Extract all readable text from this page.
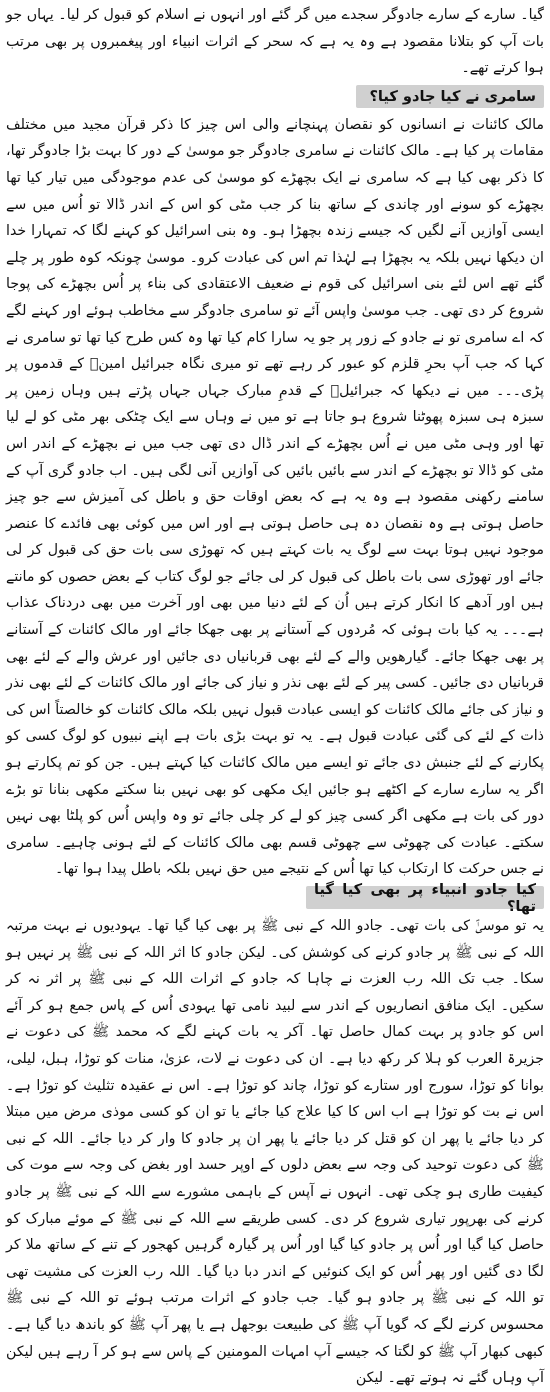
گیا۔ سارے کے سارے جادوگر سجدے میں گر گئے اور انہوں نے اسلام کو قبول کر لیا۔ یہاں جو بات آپ کو بتلانا مقصود ہے وہ یہ ہے کہ سحر کے اثرات انبیاء اور پیغمبروں پر بھی مرتب ہوا کرتے تھے۔

سامری نے کیا جادو کیا؟

مالک کائنات نے انسانوں کو نقصان پہنچانے والی اس چیز کا ذکر قرآن مجید میں مختلف مقامات پر کیا ہے۔ مالک کائنات نے سامری جادوگر جو موسیٰ کے دور کا بہت بڑا جادوگر تھا، کا ذکر بھی کیا ہے کہ سامری نے ایک بچھڑے کو موسیٰ کی عدم موجودگی میں تیار کیا تھا بچھڑے کو سونے اور چاندی کے ساتھ بنا کر جب مٹی کو اس کے اندر ڈالا تو اُس میں سے ایسی آوازیں آنے لگیں کہ جیسے زندہ بچھڑا ہو۔ وہ بنی اسرائیل کو کہنے لگا کہ تمہارا خدا ان دیکھا نہیں بلکہ یہ بچھڑا ہے لہٰذا تم اس کی عبادت کرو۔ موسیٰ چونکہ کوہ طور پر چلے گئے تھے اس لئے بنی اسرائیل کی قوم نے ضعیف الاعتقادی کی بناء پر اُس بچھڑے کی پوجا شروع کر دی تھی۔ جب موسیٰ واپس آئے تو سامری جادوگر سے مخاطب ہوئے اور کہنے لگے کہ اے سامری تو نے جادو کے زور پر جو یہ سارا کام کیا تھا وہ کس طرح کیا تھا تو سامری نے کہا کہ جب آپ بحرِ قلزم کو عبور کر رہے تھے تو میری نگاہ جبرائیل امینؑ کے قدموں پر پڑی۔۔۔ میں نے دیکھا کہ جبرائیلؑ کے قدمِ مبارک جہاں جہاں پڑتے ہیں وہاں زمین پر سبزہ ہی سبزہ پھوٹنا شروع ہو جاتا ہے تو میں نے وہاں سے ایک چٹکی بھر مٹی کو لے لیا تھا اور وہی مٹی میں نے اُس بچھڑے کے اندر ڈال دی تھی جب میں نے بچھڑے کے اندر اس مٹی کو ڈالا تو بچھڑے کے اندر سے بائیں بائیں کی آوازیں آنی لگی ہیں۔ اب جادو گری آپ کے سامنے رکھنی مقصود ہے وہ یہ ہے کہ بعض اوقات حق و باطل کی آمیزش سے جو چیز حاصل ہوتی ہے وہ نقصان دہ ہی حاصل ہوتی ہے اور اس میں کوئی بھی فائدے کا عنصر موجود نہیں ہوتا بہت سے لوگ یہ بات کہتے ہیں کہ تھوڑی سی بات حق کی قبول کر لی جائے اور تھوڑی سی بات باطل کی قبول کر لی جائے جو لوگ کتاب کے بعض حصوں کو مانتے ہیں اور آدھے کا انکار کرتے ہیں اُن کے لئے دنیا میں بھی اور آخرت میں بھی دردناک عذاب ہے۔۔۔ یہ کیا بات ہوئی کہ مُردوں کے آستانے پر بھی جھکا جائے اور مالک کائنات کے آستانے پر بھی جھکا جائے۔ گیارھویں والے کے لئے بھی قربانیاں دی جائیں اور عرش والے کے لئے بھی قربانیاں دی جائیں۔ کسی پیر کے لئے بھی نذر و نیاز کی جائے اور مالک کائنات کے لئے بھی نذر و نیاز کی جائے مالک کائنات کو ایسی عبادت قبول نہیں بلکہ مالک کائنات کو خالصتاً اس کی ذات کے لئے کی گئی عبادت قبول ہے۔ یہ تو بہت بڑی بات ہے اپنے نبیوں کو لوگ کسی کو پکارنے کے لئے جنبش دی جائے تو ایسے میں مالک کائنات کیا کہتے ہیں۔ جن کو تم پکارتے ہو اگر یہ سارے سارے کے اکٹھے ہو جائیں ایک مکھی کو بھی نہیں بنا سکتے مکھی بنانا تو بڑے دور کی بات ہے مکھی اگر کسی چیز کو لے کر چلی جائے تو وہ واپس اُس کو پلٹا بھی نہیں سکتے۔ عبادت کی چھوٹی سے چھوٹی قسم بھی مالک کائنات کے لئے ہونی چاہیے۔ سامری نے جس حرکت کا ارتکاب کیا تھا اُس کے نتیجے میں حق نہیں بلکہ باطل پیدا ہوا تھا۔

کیا جادو انبیاء پر بھی کیا گیا تھا؟

یہ تو موسیٰؑ کی بات تھی۔ جادو اللہ کے نبی ﷺ پر بھی کیا گیا تھا۔ یہودیوں نے بہت مرتبہ اللہ کے نبی ﷺ پر جادو کرنے کی کوشش کی۔ لیکن جادو کا اثر اللہ کے نبی ﷺ پر نہیں ہو سکا۔ جب تک اللہ رب العزت نے چاہا کہ جادو کے اثرات اللہ کے نبی ﷺ پر اثر نہ کر سکیں۔ ایک منافق انصاریوں کے اندر سے لبید نامی تھا یہودی اُس کے پاس جمع ہو کر آئے اس کو جادو پر بہت کمال حاصل تھا۔ آکر یہ بات کہنے لگے کہ محمد ﷺ کی دعوت نے جزیرۃ العرب کو ہلا کر رکھ دیا ہے۔ ان کی دعوت نے لات، عزیٰ، منات کو توڑا، ہبل، لیلی، بوانا کو توڑا، سورج اور ستارے کو توڑا، چاند کو توڑا ہے۔ اس نے عقیدہ تثلیث کو توڑا ہے۔ اس نے بت کو توڑا ہے اب اس کا کیا علاج کیا جائے یا تو ان کو کسی موذی مرض میں مبتلا کر دیا جائے یا پھر ان کو قتل کر دیا جائے یا پھر ان پر جادو کا وار کر دیا جائے۔ اللہ کے نبی ﷺ کی دعوت توحید کی وجہ سے بعض دلوں کے اوپر حسد اور بغض کی وجہ سے موت کی کیفیت طاری ہو چکی تھی۔ انہوں نے آپس کے باہمی مشورے سے اللہ کے نبی ﷺ پر جادو کرنے کی بھرپور تیاری شروع کر دی۔ کسی طریقے سے اللہ کے نبی ﷺ کے موئے مبارک کو حاصل کیا گیا اور اُس پر جادو کیا گیا اور اُس پر گیارہ گرہیں کھجور کے تنے کے ساتھ ملا کر لگا دی گئیں اور پھر اُس کو ایک کنوئیں کے اندر دبا دیا گیا۔ اللہ رب العزت کی مشیت تھی تو اللہ کے نبی ﷺ پر جادو ہو گیا۔ جب جادو کے اثرات مرتب ہوئے تو اللہ کے نبی ﷺ محسوس کرنے لگے کہ گویا آپ ﷺ کی طبیعت بوجھل ہے یا پھر آپ ﷺ کو باندھ دیا گیا ہے۔ کبھی کبھار آپ ﷺ کو لگتا کہ جیسے آپ امہات المومنین کے پاس سے ہو کر آ رہے ہیں لیکن آپ وہاں گئے نہ ہوتے تھے۔ لیکن
